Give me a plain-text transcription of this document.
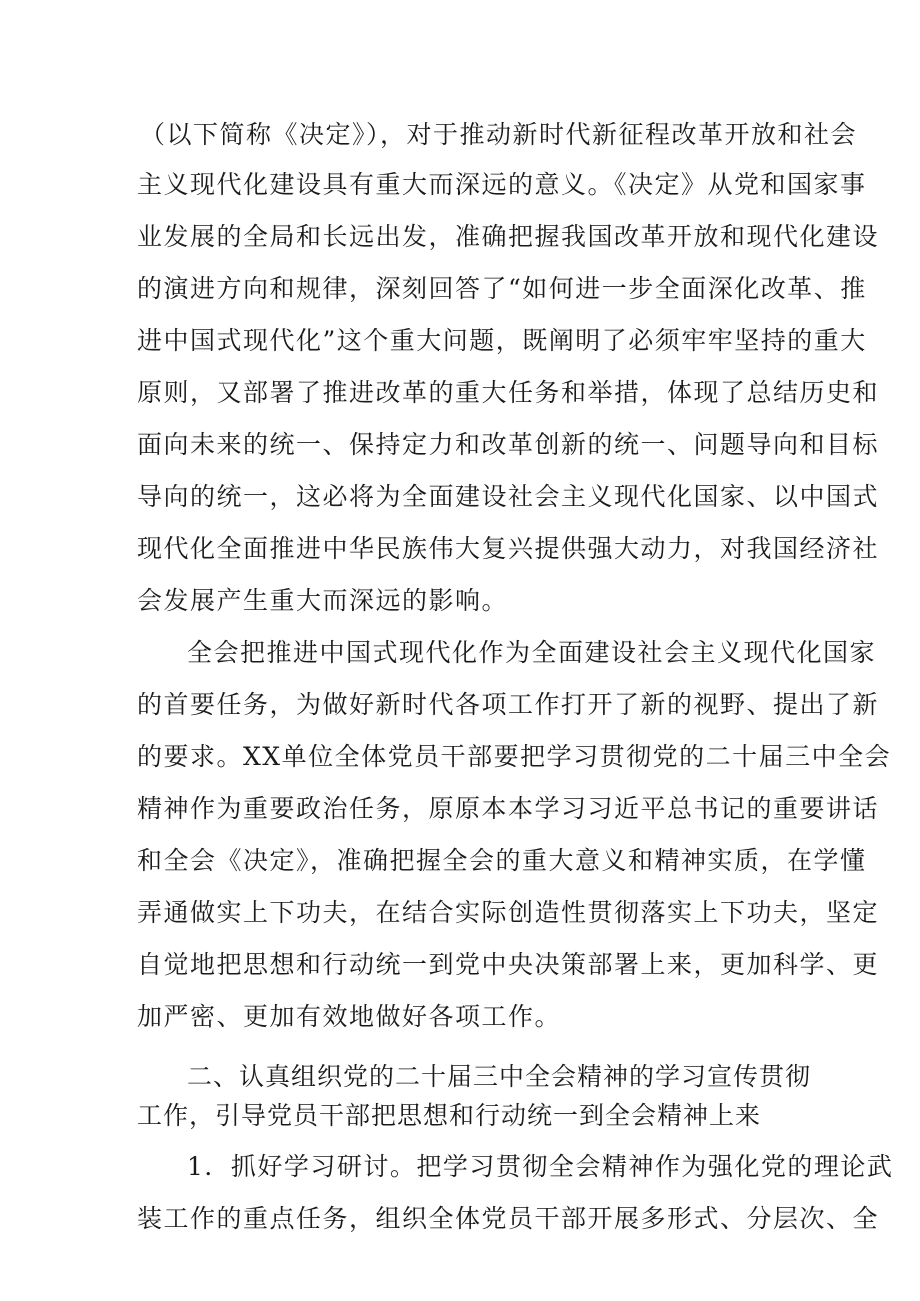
（以下简称《决定》），对于推动新时代新征程改革开放和社会
主义现代化建设具有重大而深远的意义。《决定》从党和国家事
业发展的全局和长远出发，准确把握我国改革开放和现代化建设
的演进方向和规律，深刻回答了“如何进一步全面深化改革、推
进中国式现代化”这个重大问题，既阐明了必须牢牢坚持的重大
原则，又部署了推进改革的重大任务和举措，体现了总结历史和
面向未来的统一、保持定力和改革创新的统一、问题导向和目标
导向的统一，这必将为全面建设社会主义现代化国家、以中国式
现代化全面推进中华民族伟大复兴提供强大动力，对我国经济社
会发展产生重大而深远的影响。
全会把推进中国式现代化作为全面建设社会主义现代化国家
的首要任务，为做好新时代各项工作打开了新的视野、提出了新
的要求。XX单位全体党员干部要把学习贯彻党的二十届三中全会
精神作为重要政治任务，原原本本学习习近平总书记的重要讲话
和全会《决定》，准确把握全会的重大意义和精神实质，在学懂
弄通做实上下功夫，在结合实际创造性贯彻落实上下功夫，坚定
自觉地把思想和行动统一到党中央决策部署上来，更加科学、更
加严密、更加有效地做好各项工作。
二、认真组织党的二十届三中全会精神的学习宣传贯彻
工作，引导党员干部把思想和行动统一到全会精神上来
1．抓好学习研讨。把学习贯彻全会精神作为强化党的理论武
装工作的重点任务，组织全体党员干部开展多形式、分层次、全
